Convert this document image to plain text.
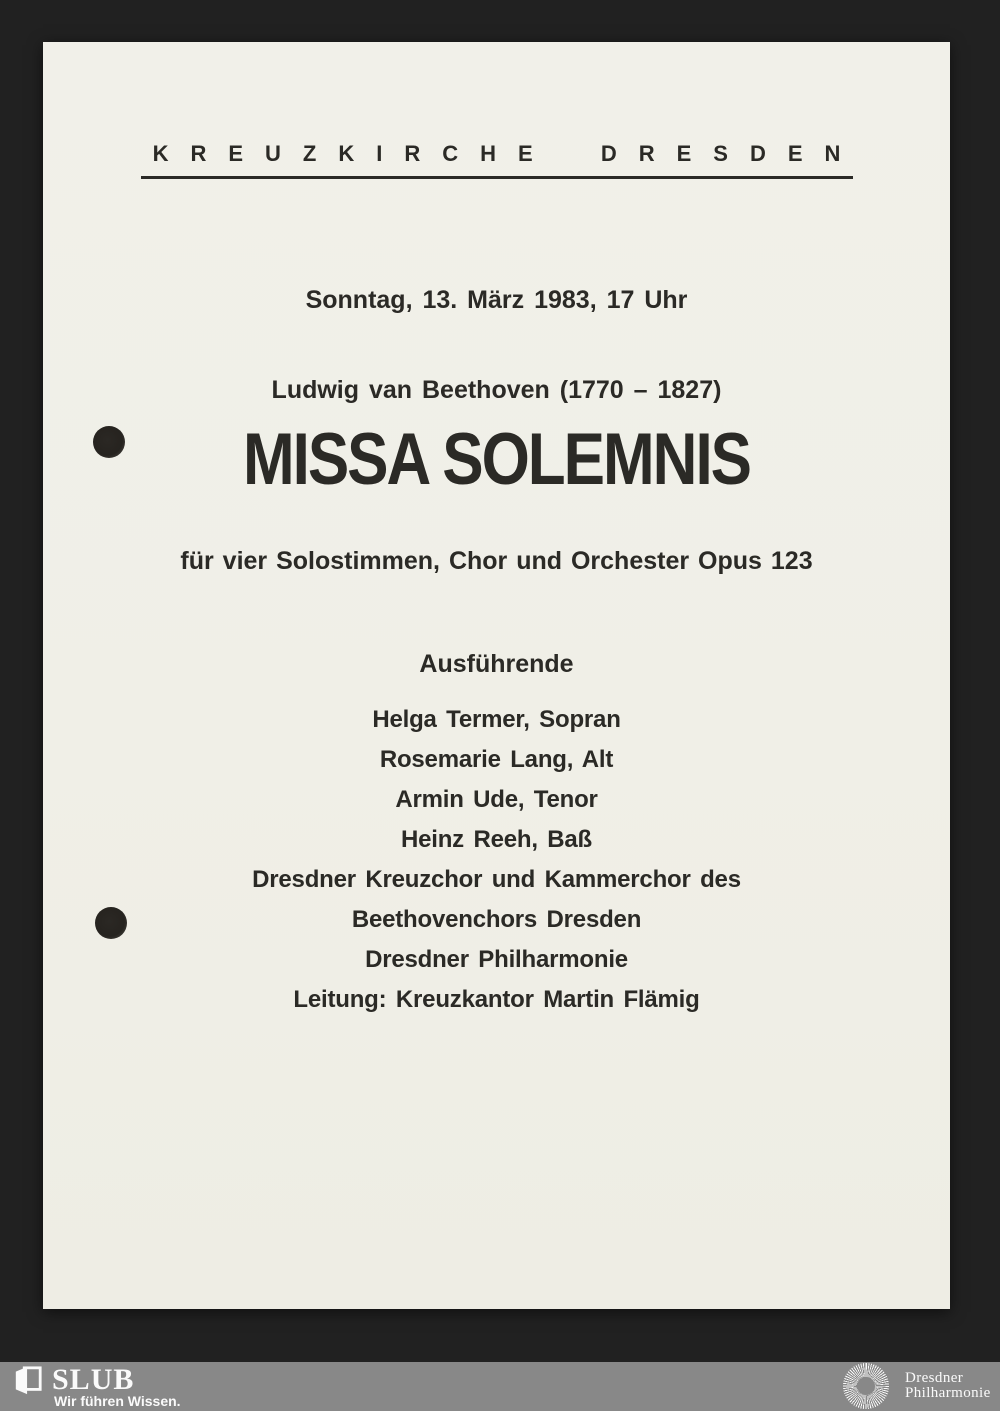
KREUZKIRCHE DRESDEN
Sonntag, 13. März 1983, 17 Uhr
Ludwig van Beethoven (1770 – 1827)
MISSA SOLEMNIS
für vier Solostimmen, Chor und Orchester Opus 123
Ausführende
Helga Termer, Sopran
Rosemarie Lang, Alt
Armin Ude, Tenor
Heinz Reeh, Baß
Dresdner Kreuzchor und Kammerchor des
Beethovenchors Dresden
Dresdner Philharmonie
Leitung: Kreuzkantor Martin Flämig
SLUB
Wir führen Wissen.
Dresdner
Philharmonie
